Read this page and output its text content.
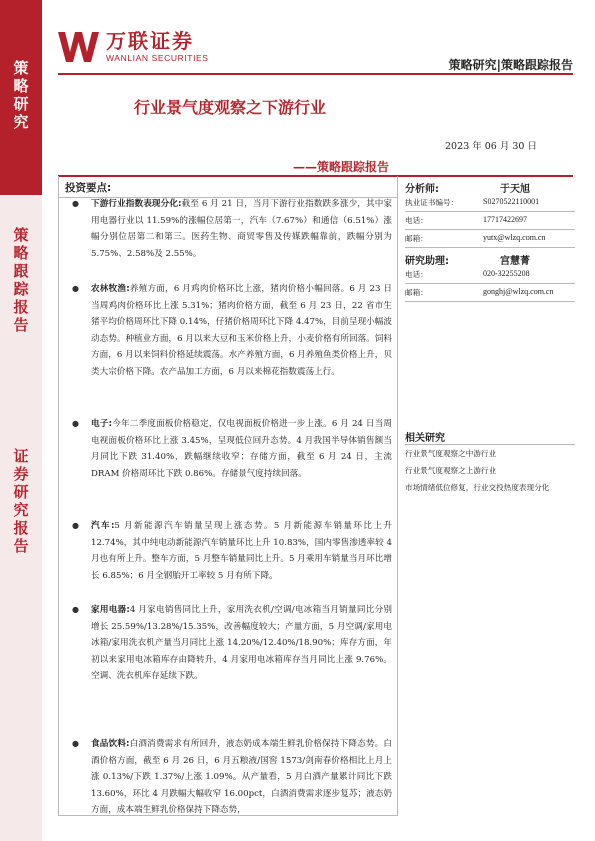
策略研究
策略跟踪报告
证券研究报告
万联证券
WANLIAN SECURITIES	策略研究|策略跟踪报告
行业景气度观察之下游行业
2023 年 06 月 30 日
——策略跟踪报告
投资要点:
● 下游行业指数表现分化:截至 6 月 21 日，当月下游行业指数跌多涨少，其中家用电器行业以 11.59%的涨幅位居第一，汽车（7.67%）和通信（6.51%）涨幅分别位居第二和第三。医药生物、商贸零售及传媒跌幅靠前，跌幅分别为 5.75%、2.58%及 2.55%。
● 农林牧渔:养殖方面，6 月鸡肉价格环比上涨，猪肉价格小幅回落。6 月 23 日当周鸡肉价格环比上涨 5.31%；猪肉价格方面，截至 6 月 23 日，22 省市生猪平均价格周环比下降 0.14%，仔猪价格周环比下降 4.47%，目前呈现小幅波动态势。种植业方面，6 月以来大豆和玉米价格上升，小麦价格有所回落。饲料方面，6 月以来饲料价格延续震荡。水产养殖方面，6 月养殖鱼类价格上升，贝类大宗价格下降。农产品加工方面，6 月以来棉花指数震荡上行。
● 电子:今年二季度面板价格稳定，仅电视面板价格进一步上涨。6 月 24 日当周电视面板价格环比上涨 3.45%，呈现低位回升态势。4 月我国半导体销售额当月同比下跌 31.40%，跌幅继续收窄；存储方面，截至 6 月 24 日，主流 DRAM 价格周环比下跌 0.86%。存储景气度持续回落。
● 汽车:5 月新能源汽车销量呈现上涨态势。5 月新能源车销量环比上升 12.74%，其中纯电动新能源汽车销量环比上升 10.83%，国内零售渗透率较 4 月也有所上升。整车方面，5 月整车销量同比上升。5 月乘用车销量当月环比增长 6.85%；6 月全钢胎开工率较 5 月有所下降。
● 家用电器:4 月家电销售同比上升，家用洗衣机/空调/电冰箱当月销量同比分别增长 25.59%/13.28%/15.35%，改善幅度较大；产量方面，5 月空调/家用电冰箱/家用洗衣机产量当月同比上涨 14.20%/12.40%/18.90%；库存方面，年初以来家用电冰箱库存由降转升，4 月家用电冰箱库存当月同比上涨 9.76%。空调、洗衣机库存延续下跌。
● 食品饮料:白酒消费需求有所回升，液态奶成本端生鲜乳价格保持下降态势。白酒价格方面，截至 6 月 26 日，6 月五粮液/国窖 1573/剑南春价格相比上月上涨 0.13%/下跌 1.37%/上涨 1.09%。从产量看，5 月白酒产量累计同比下跌 13.60%，环比 4 月跌幅大幅收窄 16.00pct，白酒消费需求逐步复苏；液态奶方面，成本端生鲜乳价格保持下降态势，
分析师:	于天旭
执业证书编号：	S0270522110001
电话：	17717422697
邮箱：	yutx@wlzq.com.cn
研究助理:	宫慧菁
电话：	020-32255208
邮箱：	gonghj@wlzq.com.cn
相关研究
行业景气度观察之中游行业
行业景气度观察之上游行业
市场情绪低位修复，行业交投热度表现分化
